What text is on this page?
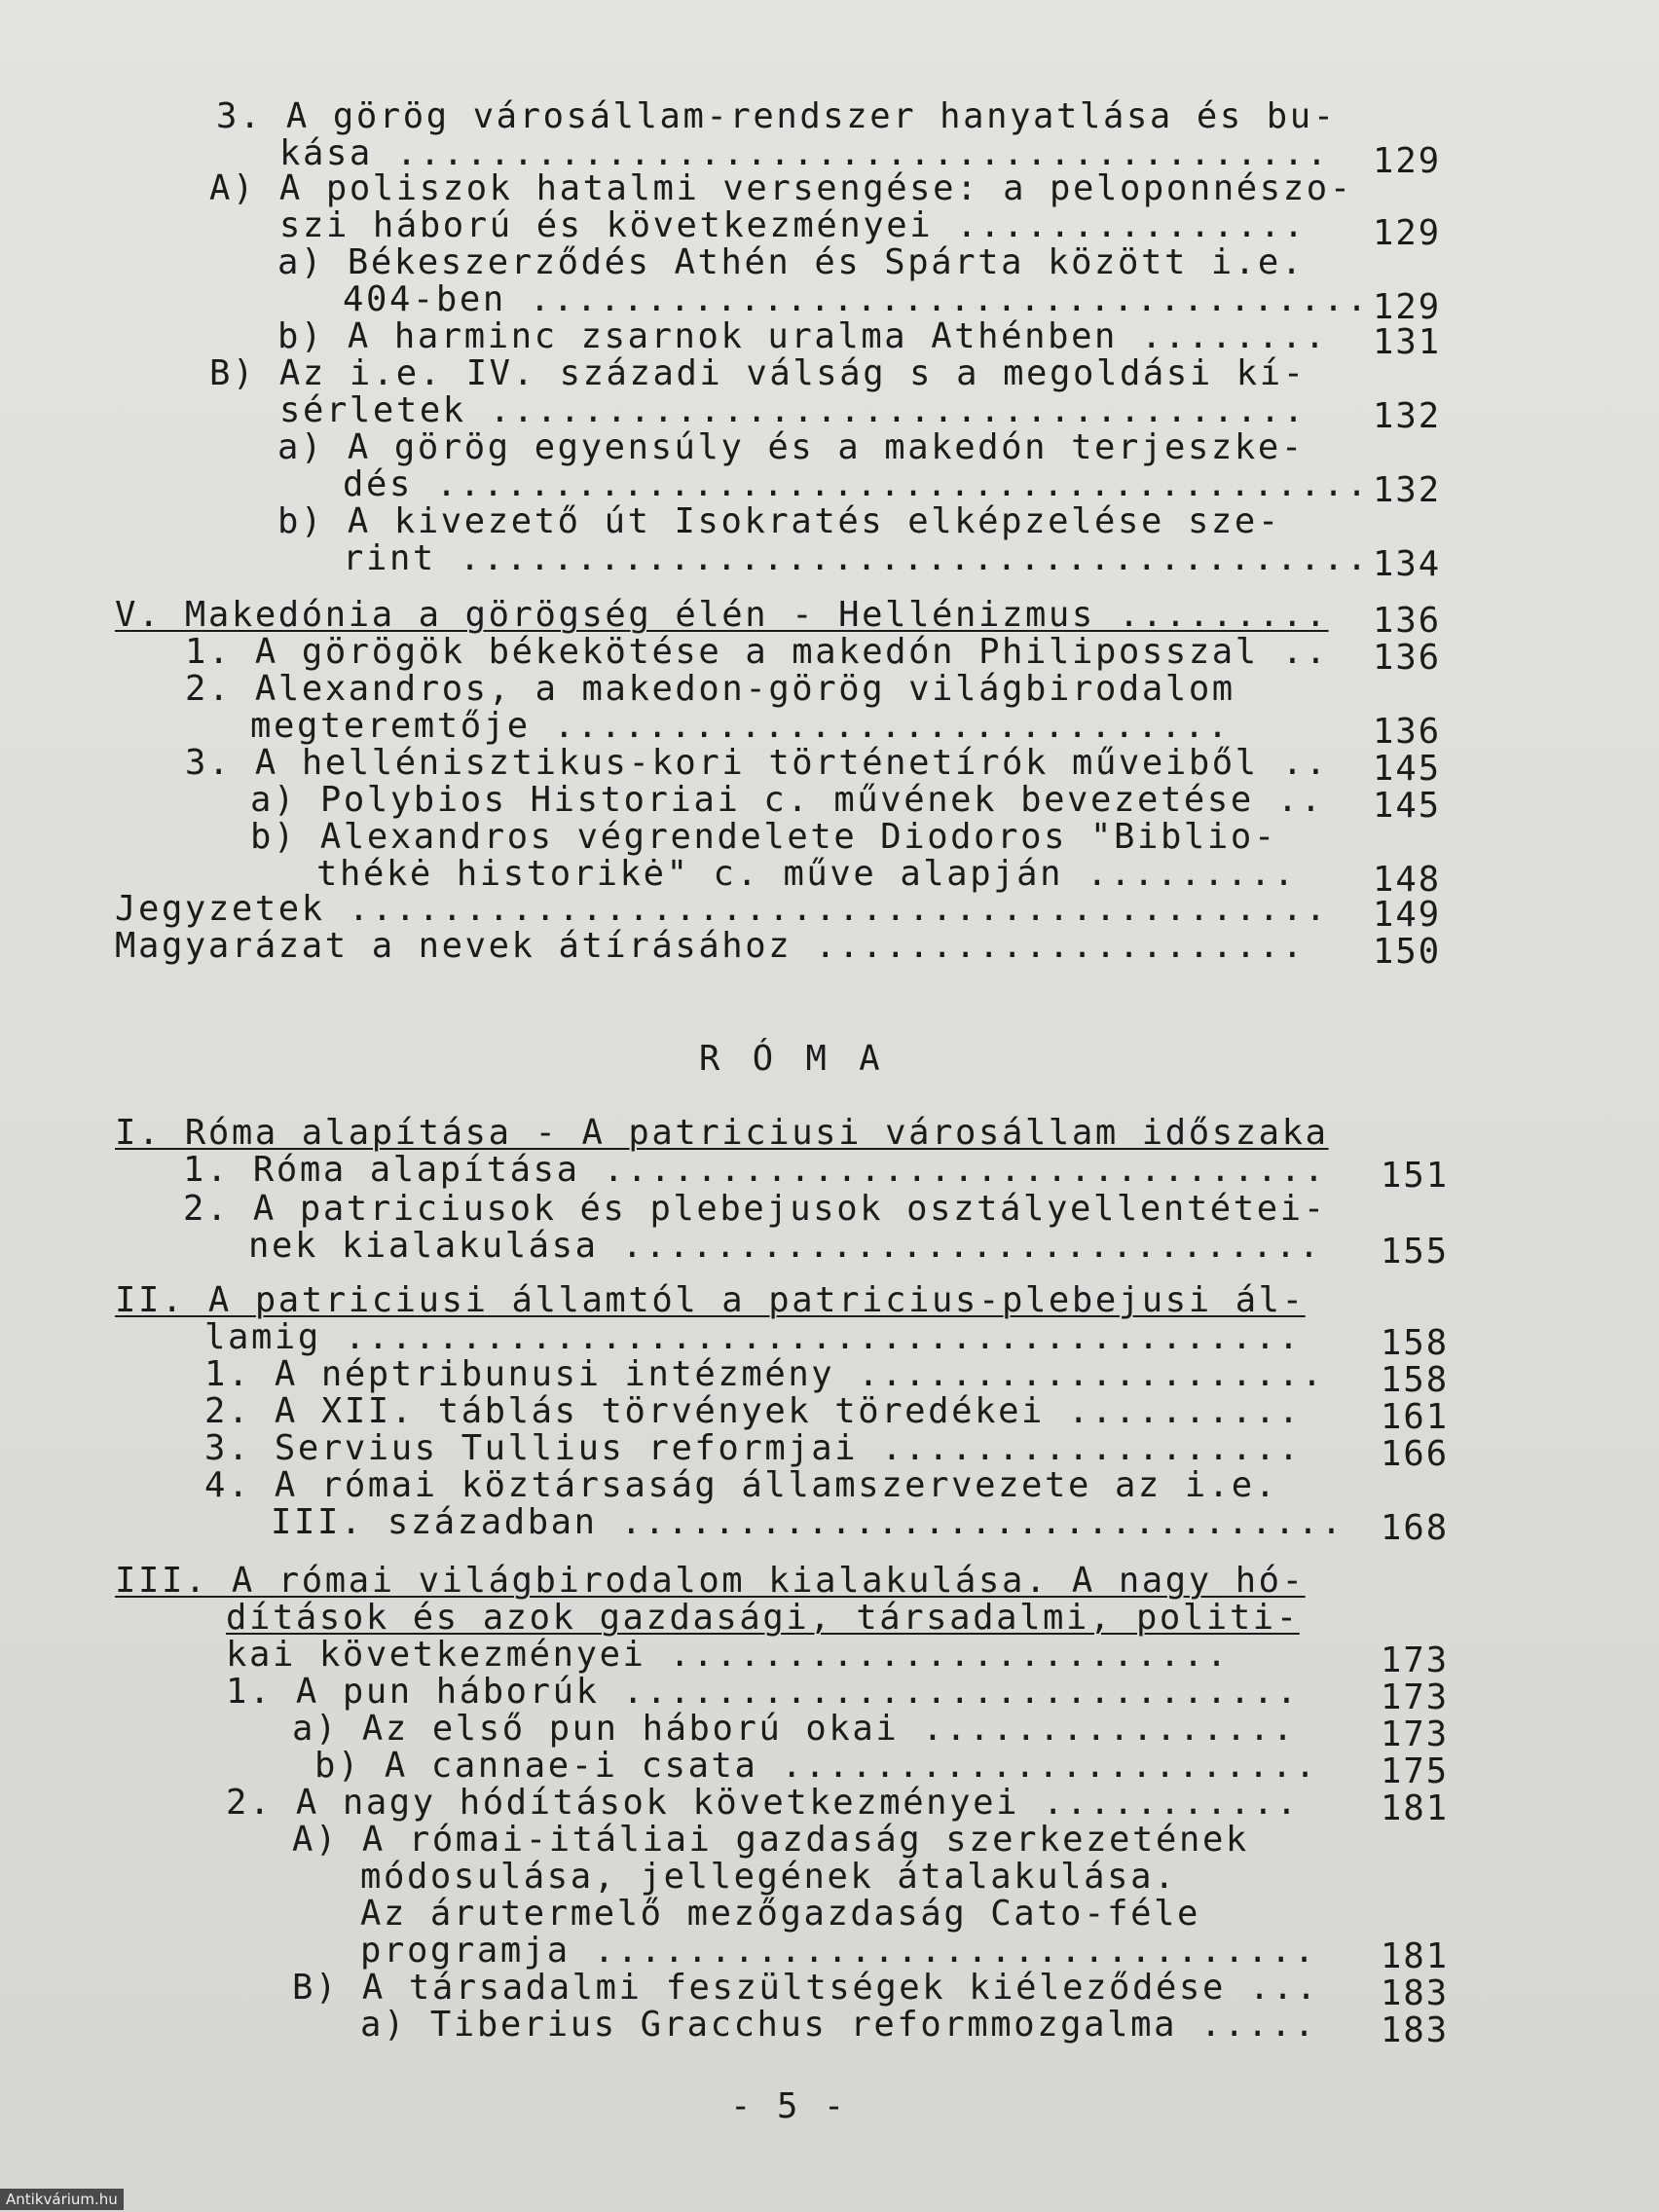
3. A görög városállam-rendszer hanyatlása és bu-
kása ........................................ 129
A) A poliszok hatalmi versengése: a peloponnészo-
szi háború és következményei ............... 129
a) Békeszerződés Athén és Spárta között i.e.
404-ben .................................... 129
b) A harminc zsarnok uralma Athénben ........ 131
B) Az i.e. IV. századi válság s a megoldási kí-
sérletek ................................... 132
a) A görög egyensúly és a makedón terjeszke-
dés ........................................ 132
b) A kivezető út Isokratés elképzelése sze-
rint ....................................... 134
V. Makedónia a görögség élén - Hellénizmus ......... 136
1. A görögök békekötése a makedón Philiposszal .. 136
2. Alexandros, a makedon-görög világbirodalom
megteremtője .............................	136
3. A hellénisztikus-kori történetírók műveiből .. 145
a) Polybios Historiai c. művének bevezetése .. 145
b) Alexandros végrendelete Diodoros "Biblio-
thékė historikė" c. műve alapján ......... 148
Jegyzetek .......................................... 149
Magyarázat a nevek átírásához ..................... 150
R Ó M A
I. Róma alapítása - A patriciusi városállam időszaka
1. Róma alapítása ............................... 151
2. A patriciusok és plebejusok osztályellentétei-
nek kialakulása .............................. 155
II. A patriciusi államtól a patricius-plebejusi ál-
lamig ......................................... 158
1. A néptribunusi intézmény .................... 158
2. A XII. táblás törvények töredékei .......... 161
3. Servius Tullius reformjai .................. 166
4. A római köztársaság államszervezete az i.e.
III. században ............................... 168
III. A római világbirodalom kialakulása. A nagy hó-
dítások és azok gazdasági, társadalmi, politi-
kai következményei ........................	173
1. A pun háborúk ............................. 173
a) Az első pun háború okai ................ 173
b) A cannae-i csata ....................... 175
2. A nagy hódítások következményei ........... 181
A) A római-itáliai gazdaság szerkezetének
módosulása, jellegének átalakulása.
Az árutermelő mezőgazdaság Cato-féle
programja ............................... 181
B) A társadalmi feszültségek kiéleződése ... 183
a) Tiberius Gracchus reformmozgalma ..... 183
- 5 -
Antikvárium.hu
